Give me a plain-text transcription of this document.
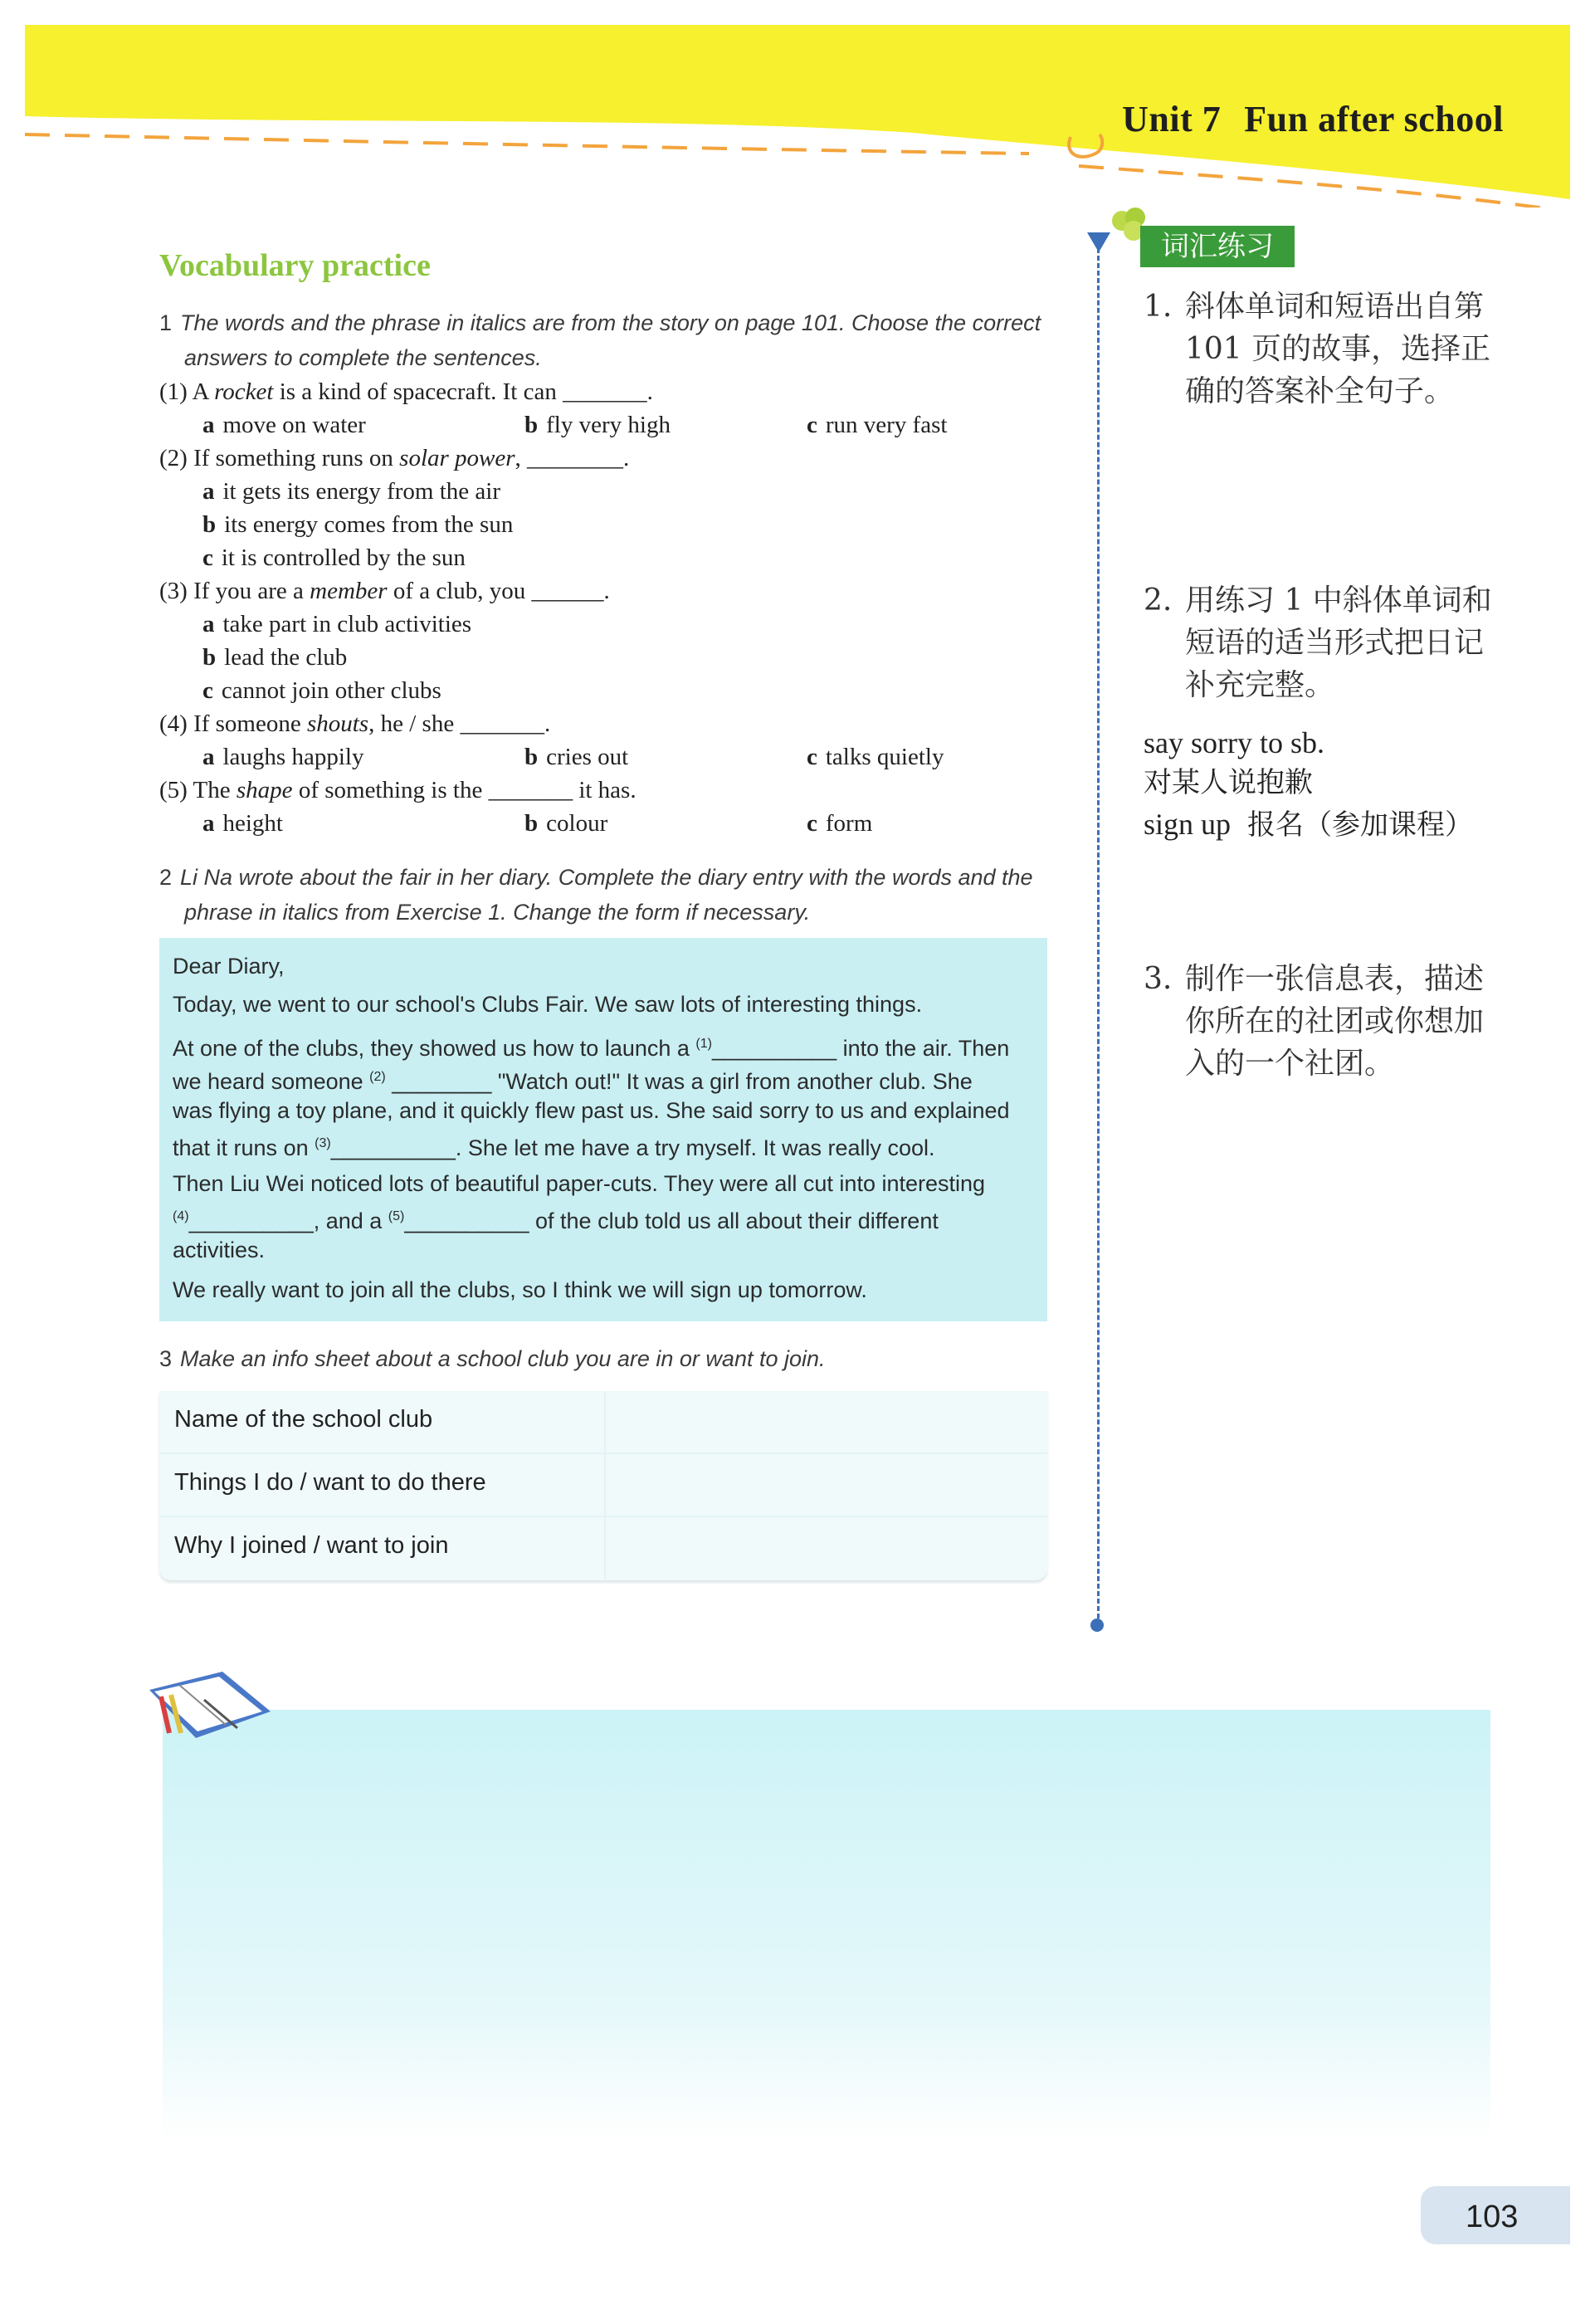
Unit 7 Fun after school
Vocabulary practice
1 The words and the phrase in italics are from the story on page 101. Choose the correct
answers to complete the sentences.
(1) A rocket is a kind of spacecraft. It can _______.
a move on water	b fly very high	c run very fast
(2) If something runs on solar power, ________.
a it gets its energy from the air
b its energy comes from the sun
c it is controlled by the sun
(3) If you are a member of a club, you ______.
a take part in club activities
b lead the club
c cannot join other clubs
(4) If someone shouts, he / she _______.
a laughs happily	b cries out	c talks quietly
(5) The shape of something is the _______ it has.
a height	b colour	c form
2 Li Na wrote about the fair in her diary. Complete the diary entry with the words and the
phrase in italics from Exercise 1. Change the form if necessary.

Dear Diary,

Today, we went to our school's Clubs Fair. We saw lots of interesting things.

At one of the clubs, they showed us how to launch a $^{(1)}$__________ into the air. Then

we heard someone $^{(2)}$ ________ "Watch out!" It was a girl from another club. She

was flying a toy plane, and it quickly flew past us. She said sorry to us and explained

that it runs on $^{(3)}$__________. She let me have a try myself. It was really cool.

Then Liu Wei noticed lots of beautiful paper-cuts. They were all cut into interesting

$^{(4)}$__________, and a $^{(5)}$__________ of the club told us all about their different

activities.

We really want to join all the clubs, so I think we will sign up tomorrow.

3 Make an info sheet about a school club you are in or want to join.
Name of the school club
Things I do / want to do there
Why I joined / want to join
词汇练习
1. 斜体单词和短语出自第 101 页的故事，选择正确的答案补全句子。
2. 用练习 1 中斜体单词和短语的适当形式把日记补充完整。
say sorry to sb.
对某人说抱歉
sign up 报名（参加课程）
3. 制作一张信息表，描述你所在的社团或你想加入的一个社团。
103
